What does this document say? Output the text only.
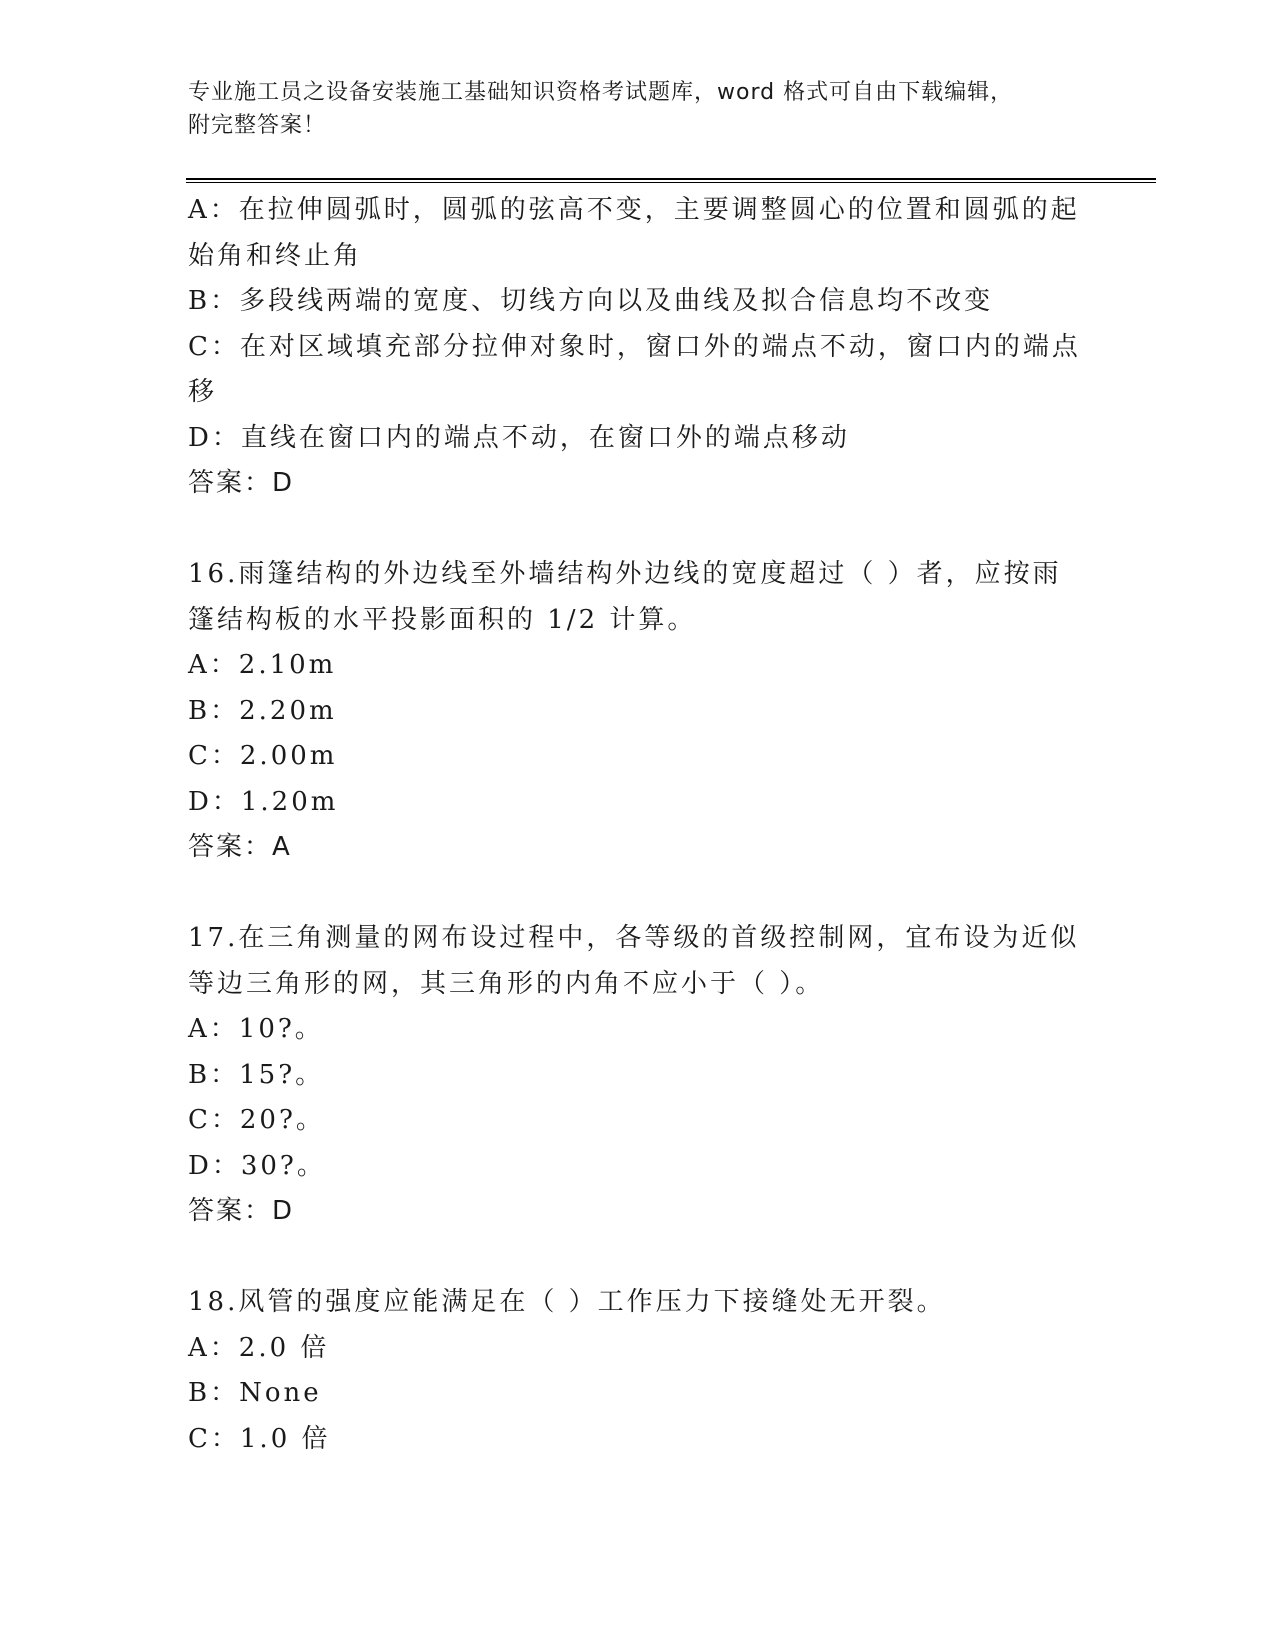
专业施工员之设备安装施工基础知识资格考试题库，word 格式可自由下载编辑，
附完整答案！
A：在拉伸圆弧时，圆弧的弦高不变，主要调整圆心的位置和圆弧的起
始角和终止角
B：多段线两端的宽度、切线方向以及曲线及拟合信息均不改变
C：在对区域填充部分拉伸对象时，窗口外的端点不动，窗口内的端点
移
D：直线在窗口内的端点不动，在窗口外的端点移动
答案：D
16.雨篷结构的外边线至外墙结构外边线的宽度超过（ ）者，应按雨
篷结构板的水平投影面积的 1/2 计算。
A：2.10m
B：2.20m
C：2.00m
D：1.20m
答案：A
17.在三角测量的网布设过程中，各等级的首级控制网，宜布设为近似
等边三角形的网，其三角形的内角不应小于（ ）。
A：10?。
B：15?。
C：20?。
D：30?。
答案：D
18.风管的强度应能满足在（ ）工作压力下接缝处无开裂。
A：2.0 倍
B：None
C：1.0 倍
